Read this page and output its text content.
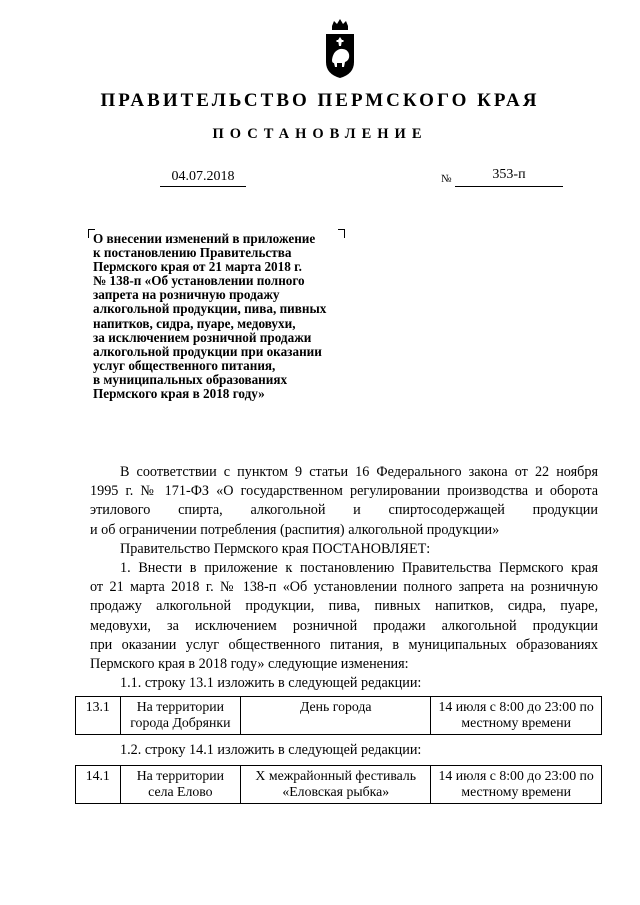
ПРАВИТЕЛЬСТВО ПЕРМСКОГО КРАЯ
ПОСТАНОВЛЕНИЕ
04.07.2018	№	353-п
О внесении изменений в приложение
к постановлению Правительства
Пермского края от 21 марта 2018 г.
№ 138-п «Об установлении полного
запрета на розничную продажу
алкогольной продукции, пива, пивных
напитков, сидра, пуаре, медовухи,
за исключением розничной продажи
алкогольной продукции при оказании
услуг общественного питания,
в муниципальных образованиях
Пермского края в 2018 году»
В соответствии с пунктом 9 статьи 16 Федерального закона от 22 ноября
1995 г. № 171-ФЗ «О государственном регулировании производства и оборота
этилового спирта, алкогольной и спиртосодержащей продукции
и об ограничении потребления (распития) алкогольной продукции»
Правительство Пермского края ПОСТАНОВЛЯЕТ:
1. Внести в приложение к постановлению Правительства Пермского края
от 21 марта 2018 г. № 138-п «Об установлении полного запрета на розничную
продажу алкогольной продукции, пива, пивных напитков, сидра, пуаре,
медовухи, за исключением розничной продажи алкогольной продукции
при оказании услуг общественного питания, в муниципальных образованиях
Пермского края в 2018 году» следующие изменения:
1.1. строку 13.1 изложить в следующей редакции:
13.1	На территории города Добрянки	День города	14 июля с 8:00 до 23:00 по местному времени
1.2. строку 14.1 изложить в следующей редакции:
14.1	На территории села Елово	X межрайонный фестиваль «Еловская рыбка»	14 июля с 8:00 до 23:00 по местному времени
